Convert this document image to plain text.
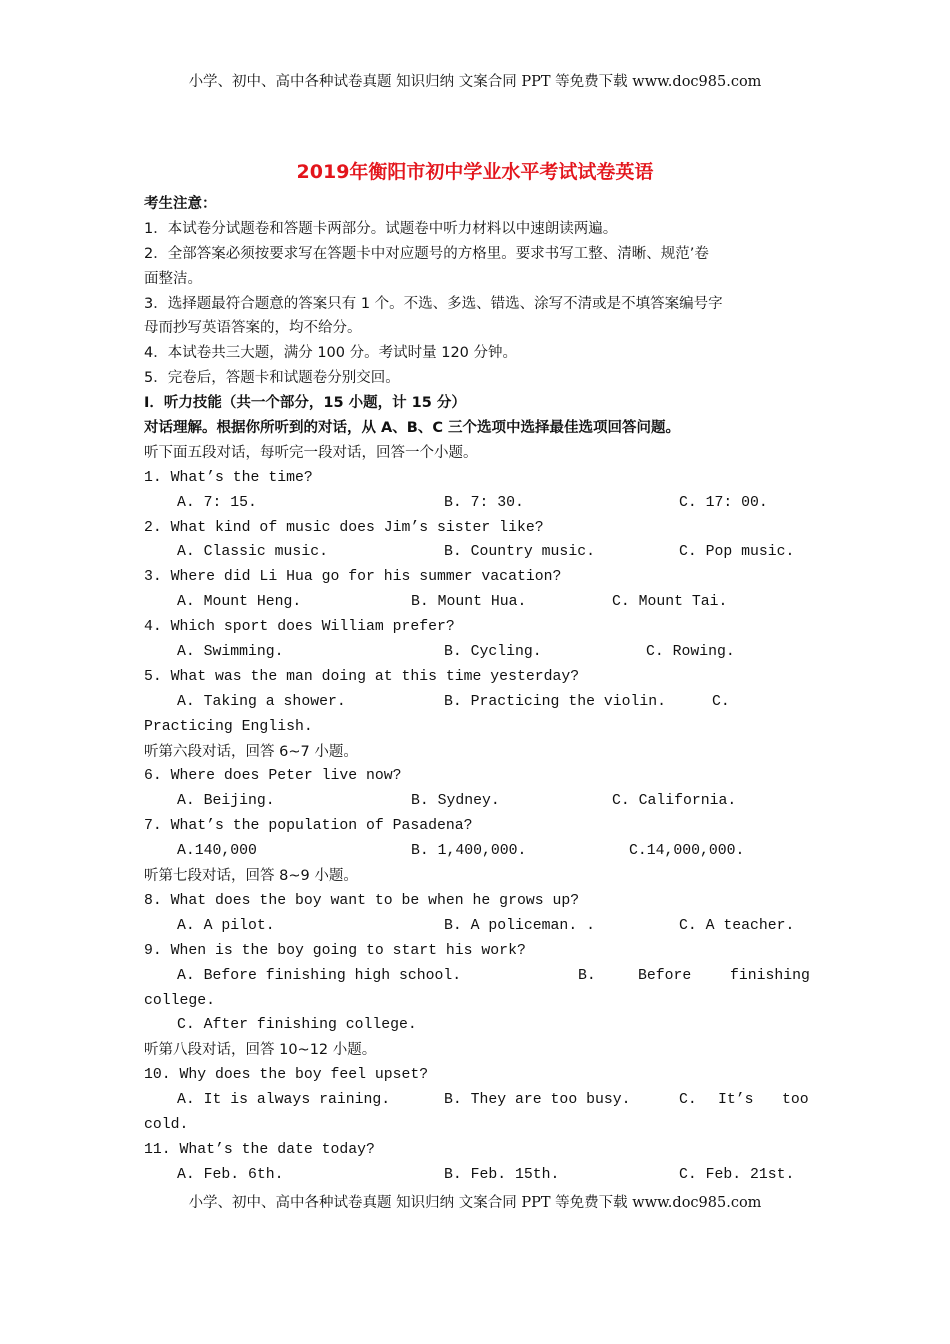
小学、初中、高中各种试卷真题 知识归纳 文案合同 PPT 等免费下载 www.doc985.com
2019年衡阳市初中学业水平考试试卷英语
考生注意：
1．本试卷分试题卷和答题卡两部分。试题卷中听力材料以中速朗读两遍。
2．全部答案必须按要求写在答题卡中对应题号的方格里。要求书写工整、清晰、规范’卷
面整洁。
3．选择题最符合题意的答案只有 1 个。不选、多选、错选、涂写不清或是不填答案编号字
母而抄写英语答案的，均不给分。
4．本试卷共三大题，满分 100 分。考试时量 120 分钟。
5．完卷后，答题卡和试题卷分别交回。
I．听力技能（共一个部分，15 小题，计 15 分）
对话理解。根据你所听到的对话，从 A、B、C 三个选项中选择最佳选项回答问题。
听下面五段对话，每听完一段对话，回答一个小题。
1. What’s the time?
A. 7: 15.	B. 7: 30.	C. 17: 00.
2. What kind of music does Jim’s sister like?
A. Classic music.	B. Country music.	C. Pop music.
3. Where did Li Hua go for his summer vacation?
A. Mount Heng.	B. Mount Hua.	C. Mount Tai.
4. Which sport does William prefer?
A. Swimming.	B. Cycling.	C. Rowing.
5. What was the man doing at this time yesterday?
A. Taking a shower.	B. Practicing the violin.	C.
Practicing English.
听第六段对话，回答 6~7 小题。
6. Where does Peter live now?
A. Beijing.	B. Sydney.	C. California.
7. What’s the population of Pasadena?
A.140,000	B. 1,400,000.	C.14,000,000.
听第七段对话，回答 8~9 小题。
8. What does the boy want to be when he grows up?
A. A pilot.	B. A policeman. .	C. A teacher.
9. When is the boy going to start his work?
A. Before finishing high school.	B.	Before	finishing
college.
C. After finishing college.
听第八段对话，回答 10~12 小题。
10. Why does the boy feel upset?
A. It is always raining.	B. They are too busy.	C. It’s too
cold.
11. What’s the date today?
A. Feb. 6th.	B. Feb. 15th.	C. Feb. 21st.
小学、初中、高中各种试卷真题 知识归纳 文案合同 PPT 等免费下载 www.doc985.com
